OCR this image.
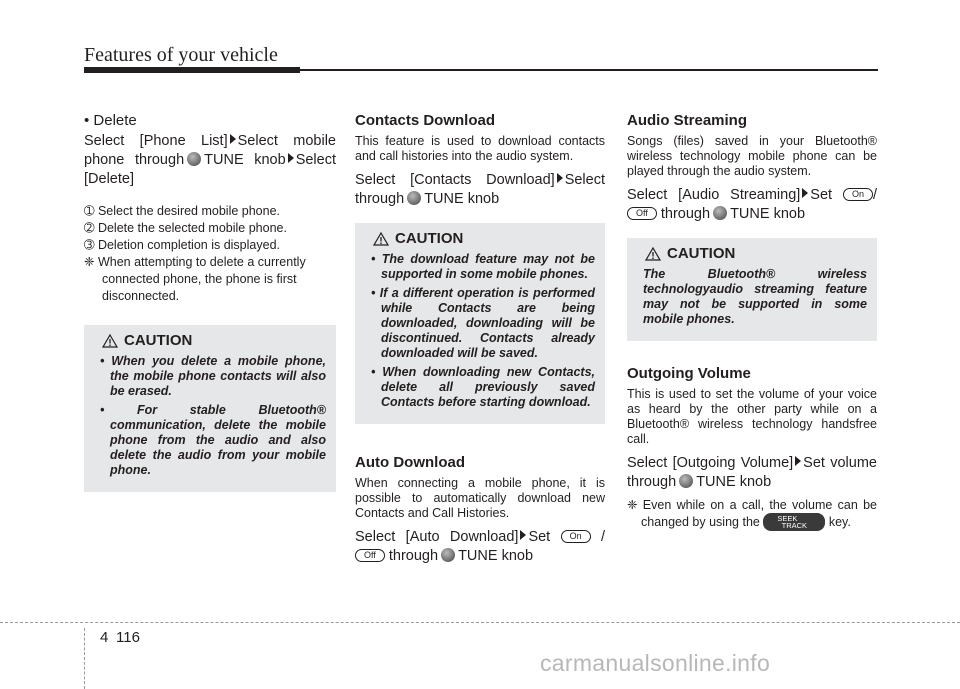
Features of your vehicle
• Delete
Select [Phone List] Select mobile phone through TUNE knob Select [Delete]
➀ Select the desired mobile phone.
➁ Delete the selected mobile phone.
➂ Deletion completion is displayed.
❈ When attempting to delete a currently connected phone, the phone is first disconnected.
CAUTION
• When you delete a mobile phone, the mobile phone contacts will also be erased.
• For stable Bluetooth® communication, delete the mobile phone from the audio and also delete the audio from your mobile phone.
Contacts Download
This feature is used to download contacts and call histories into the audio system.
Select [Contacts Download] Select through TUNE knob
CAUTION
• The download feature may not be supported in some mobile phones.
• If a different operation is performed while Contacts are being downloaded, downloading will be discontinued. Contacts already downloaded will be saved.
• When downloading new Contacts, delete all previously saved Contacts before starting download.
Auto Download
When connecting a mobile phone, it is possible to automatically download new Contacts and Call Histories.
Select [Auto Download] Set On / Off through TUNE knob
Audio Streaming
Songs (files) saved in your Bluetooth® wireless technology mobile phone can be played through the audio system.
Select [Audio Streaming] Set On / Off through TUNE knob
CAUTION
The Bluetooth® wireless technologyaudio streaming feature may not be supported in some mobile phones.
Outgoing Volume
This is used to set the volume of your voice as heard by the other party while on a Bluetooth® wireless technology handsfree call.
Select [Outgoing Volume] Set volume through TUNE knob
❈ Even while on a call, the volume can be changed by using the SEEK
TRACK key.
4 116
carmanualsonline.info
